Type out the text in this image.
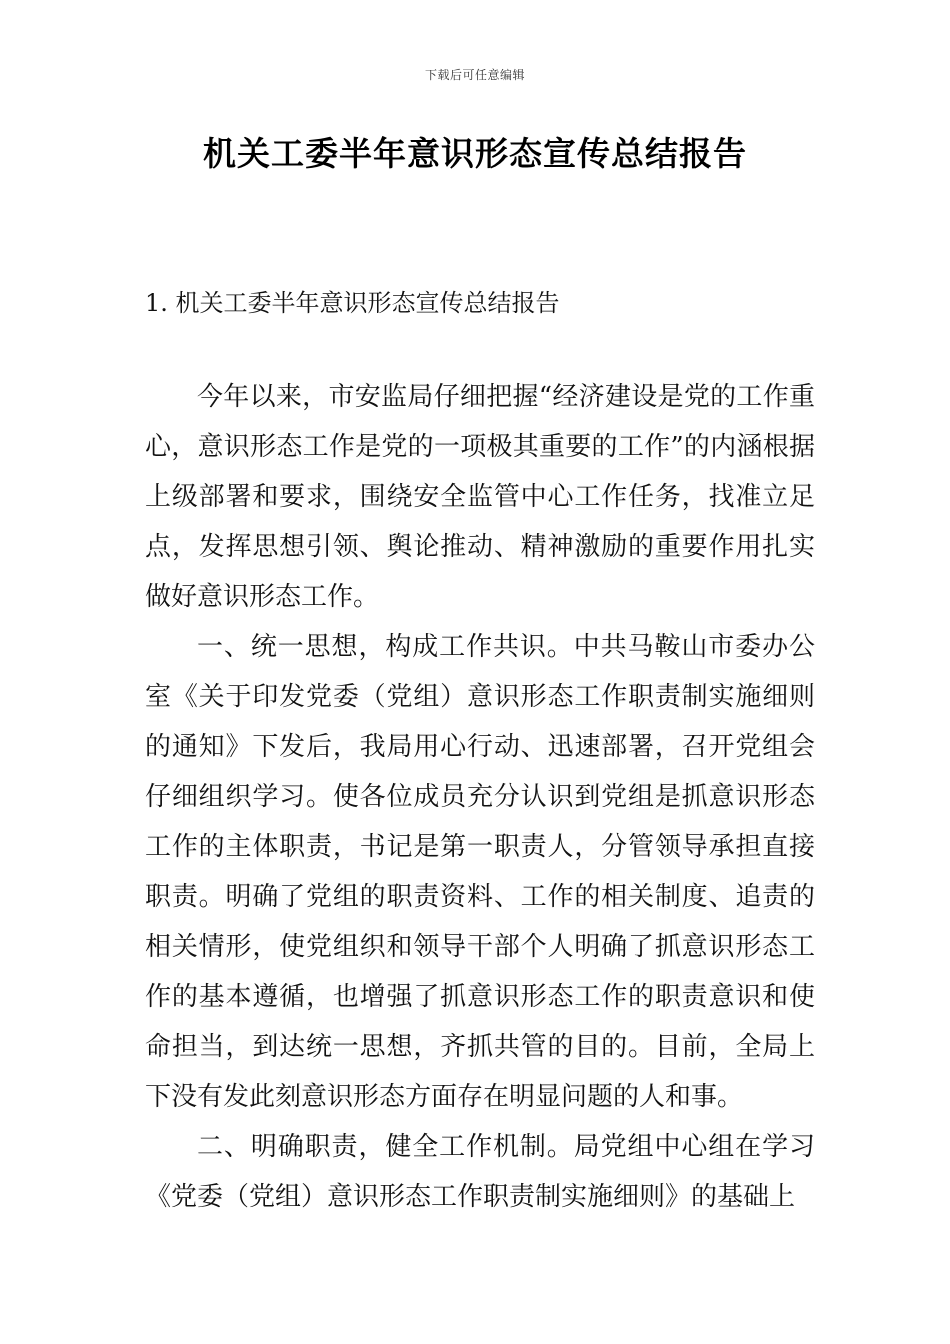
下载后可任意编辑
机关工委半年意识形态宣传总结报告
1. 机关工委半年意识形态宣传总结报告

今年以来，市安监局仔细把握“经济建设是党的工作重心，意识形态工作是党的一项极其重要的工作”的内涵根据上级部署和要求，围绕安全监管中心工作任务，找准立足点，发挥思想引领、舆论推动、精神激励的重要作用扎实做好意识形态工作。

一、统一思想，构成工作共识。中共马鞍山市委办公室《关于印发党委（党组）意识形态工作职责制实施细则的通知》下发后，我局用心行动、迅速部署，召开党组会仔细组织学习。使各位成员充分认识到党组是抓意识形态工作的主体职责，书记是第一职责人，分管领导承担直接职责。明确了党组的职责资料、工作的相关制度、追责的相关情形，使党组织和领导干部个人明确了抓意识形态工作的基本遵循，也增强了抓意识形态工作的职责意识和使命担当，到达统一思想，齐抓共管的目的。目前，全局上下没有发此刻意识形态方面存在明显问题的人和事。

二、明确职责，健全工作机制。局党组中心组在学习《党委（党组）意识形态工作职责制实施细则》的基础上
